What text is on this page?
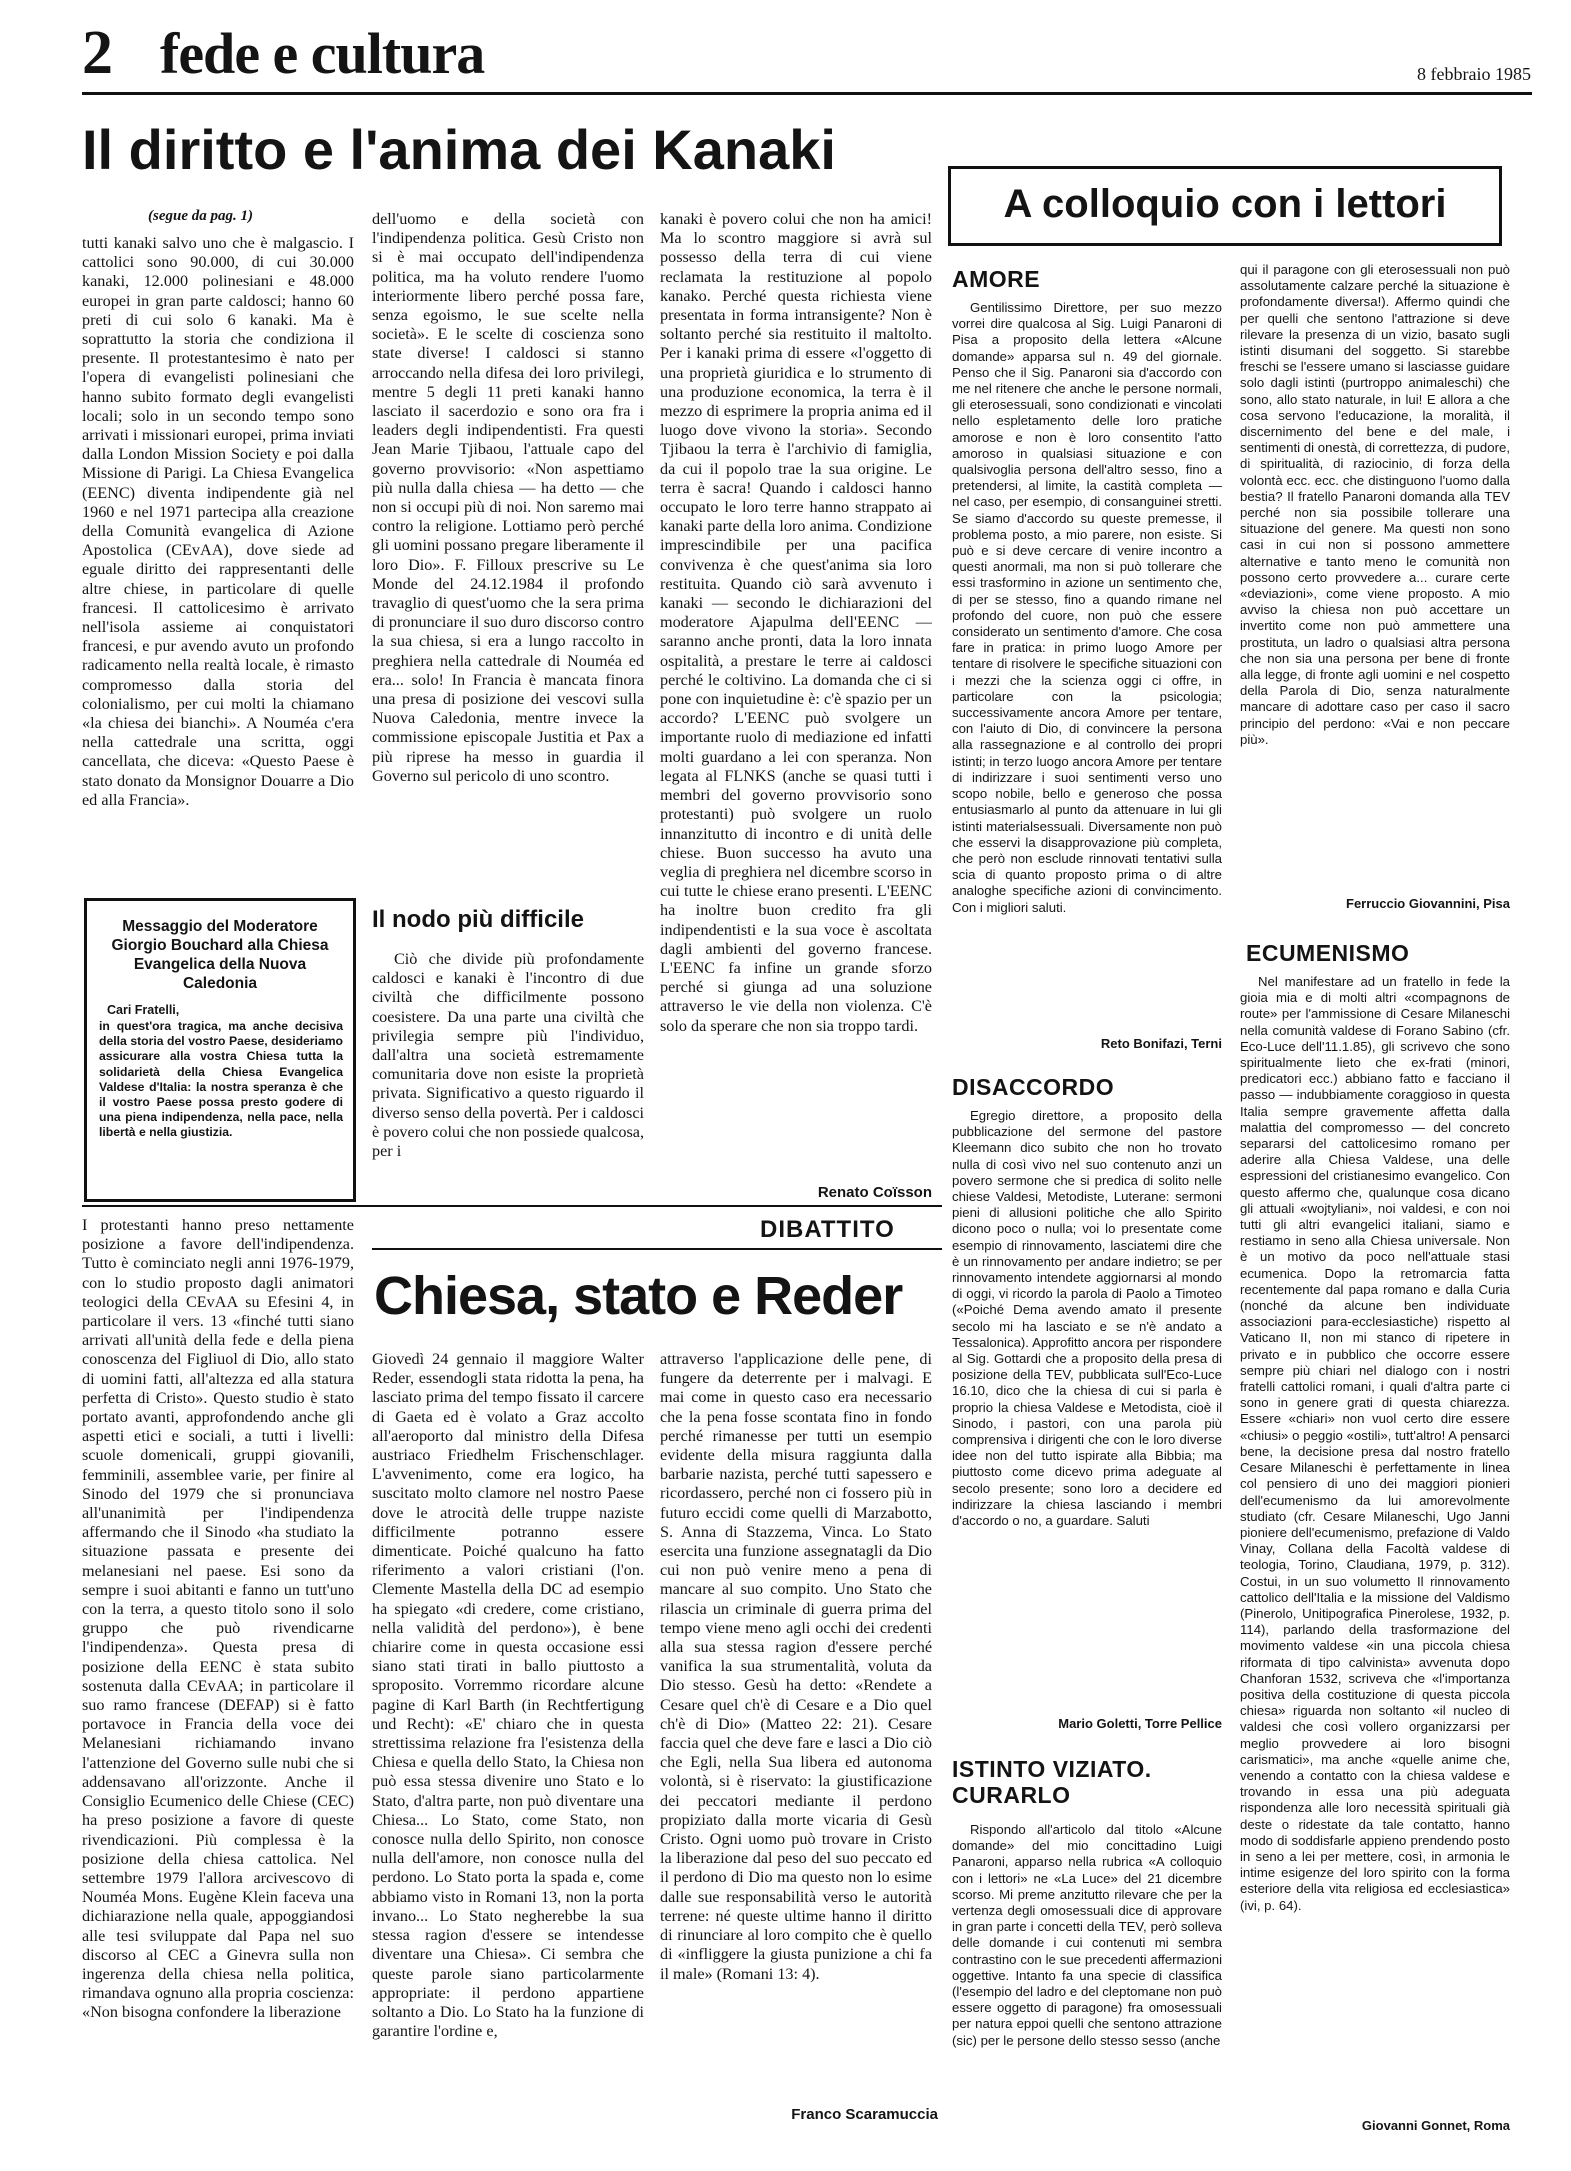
2 fede e cultura	8 febbraio 1985
Il diritto e l'anima dei Kanaki
(segue da pag. 1)

tutti kanaki salvo uno che è malgascio. I cattolici sono 90.000, di cui 30.000 kanaki, 12.000 polinesiani e 48.000 europei in gran parte caldosci; hanno 60 preti di cui solo 6 kanaki. Ma è soprattutto la storia che condiziona il presente. Il protestantesimo è nato per l'opera di evangelisti polinesiani che hanno subito formato degli evangelisti locali; solo in un secondo tempo sono arrivati i missionari europei, prima inviati dalla London Mission Society e poi dalla Missione di Parigi. La Chiesa Evangelica (EENC) diventa indipendente già nel 1960 e nel 1971 partecipa alla creazione della Comunità evangelica di Azione Apostolica (CEvAA), dove siede ad eguale diritto dei rappresentanti delle altre chiese, in particolare di quelle francesi. Il cattolicesimo è arrivato nell'isola assieme ai conquistatori francesi, e pur avendo avuto un profondo radicamento nella realtà locale, è rimasto compromesso dalla storia del colonialismo, per cui molti la chiamano «la chiesa dei bianchi». A Nouméa c'era nella cattedrale una scritta, oggi cancellata, che diceva: «Questo Paese è stato donato da Monsignor Douarre a Dio ed alla Francia».

dell'uomo e della società con l'indipendenza politica. Gesù Cristo non si è mai occupato dell'indipendenza politica, ma ha voluto rendere l'uomo interiormente libero perché possa fare, senza egoismo, le sue scelte nella società». E le scelte di coscienza sono state diverse! I caldosci si stanno arroccando nella difesa dei loro privilegi, mentre 5 degli 11 preti kanaki hanno lasciato il sacerdozio e sono ora fra i leaders degli indipendentisti. Fra questi Jean Marie Tjibaou, l'attuale capo del governo provvisorio: «Non aspettiamo più nulla dalla chiesa — ha detto — che non si occupi più di noi. Non saremo mai contro la religione. Lottiamo però perché gli uomini possano pregare liberamente il loro Dio». F. Filloux prescrive su Le Monde del 24.12.1984 il profondo travaglio di quest'uomo che la sera prima di pronunciare il suo duro discorso contro la sua chiesa, si era a lungo raccolto in preghiera nella cattedrale di Nouméa ed era... solo! In Francia è mancata finora una presa di posizione dei vescovi sulla Nuova Caledonia, mentre invece la commissione episcopale Justitia et Pax a più riprese ha messo in guardia il Governo sul pericolo di uno scontro.

kanaki è povero colui che non ha amici! Ma lo scontro maggiore si avrà sul possesso della terra di cui viene reclamata la restituzione al popolo kanako. Perché questa richiesta viene presentata in forma intransigente? Non è soltanto perché sia restituito il maltolto. Per i kanaki prima di essere «l'oggetto di una proprietà giuridica e lo strumento di una produzione economica, la terra è il mezzo di esprimere la propria anima ed il luogo dove vivono la storia». Secondo Tjibaou la terra è l'archivio di famiglia, da cui il popolo trae la sua origine. Le terra è sacra! Quando i caldosci hanno occupato le loro terre hanno strappato ai kanaki parte della loro anima. Condizione imprescindibile per una pacifica convivenza è che quest'anima sia loro restituita. Quando ciò sarà avvenuto i kanaki — secondo le dichiarazioni del moderatore Ajapulma dell'EENC — saranno anche pronti, data la loro innata ospitalità, a prestare le terre ai caldosci perché le coltivino. La domanda che ci si pone con inquietudine è: c'è spazio per un accordo? L'EENC può svolgere un importante ruolo di mediazione ed infatti molti guardano a lei con speranza. Non legata al FLNKS (anche se quasi tutti i membri del governo provvisorio sono protestanti) può svolgere un ruolo innanzitutto di incontro e di unità delle chiese. Buon successo ha avuto una veglia di preghiera nel dicembre scorso in cui tutte le chiese erano presenti. L'EENC ha inoltre buon credito fra gli indipendentisti e la sua voce è ascoltata dagli ambienti del governo francese. L'EENC fa infine un grande sforzo perché si giunga ad una soluzione attraverso le vie della non violenza. C'è solo da sperare che non sia troppo tardi.

Renato Coïsson
Il nodo più difficile

Ciò che divide più profondamente caldosci e kanaki è l'incontro di due civiltà che difficilmente possono coesistere. Da una parte una civiltà che privilegia sempre più l'individuo, dall'altra una società estremamente comunitaria dove non esiste la proprietà privata. Significativo a questo riguardo il diverso senso della povertà. Per i caldosci è povero colui che non possiede qualcosa, per i

Messaggio del Moderatore Giorgio Bouchard alla Chiesa Evangelica della Nuova Caledonia
Cari Fratelli,
in quest'ora tragica, ma anche decisiva della storia del vostro Paese, desideriamo assicurare alla vostra Chiesa tutta la solidarietà della Chiesa Evangelica Valdese d'Italia: la nostra speranza è che il vostro Paese possa presto godere di una piena indipendenza, nella pace, nella libertà e nella giustizia.

I protestanti hanno preso nettamente posizione a favore dell'indipendenza. Tutto è cominciato negli anni 1976-1979, con lo studio proposto dagli animatori teologici della CEvAA su Efesini 4, in particolare il vers. 13 «finché tutti siano arrivati all'unità della fede e della piena conoscenza del Figliuol di Dio, allo stato di uomini fatti, all'altezza ed alla statura perfetta di Cristo». Questo studio è stato portato avanti, approfondendo anche gli aspetti etici e sociali, a tutti i livelli: scuole domenicali, gruppi giovanili, femminili, assemblee varie, per finire al Sinodo del 1979 che si pronunciava all'unanimità per l'indipendenza affermando che il Sinodo «ha studiato la situazione passata e presente dei melanesiani nel paese. Esi sono da sempre i suoi abitanti e fanno un tutt'uno con la terra, a questo titolo sono il solo gruppo che può rivendicarne l'indipendenza». Questa presa di posizione della EENC è stata subito sostenuta dalla CEvAA; in particolare il suo ramo francese (DEFAP) si è fatto portavoce in Francia della voce dei Melanesiani richiamando invano l'attenzione del Governo sulle nubi che si addensavano all'orizzonte. Anche il Consiglio Ecumenico delle Chiese (CEC) ha preso posizione a favore di queste rivendicazioni. Più complessa è la posizione della chiesa cattolica. Nel settembre 1979 l'allora arcivescovo di Nouméa Mons. Eugène Klein faceva una dichiarazione nella quale, appoggiandosi alle tesi sviluppate dal Papa nel suo discorso al CEC a Ginevra sulla non ingerenza della chiesa nella politica, rimandava ognuno alla propria coscienza: «Non bisogna confondere la liberazione

DIBATTITO
Chiesa, stato e Reder

Giovedì 24 gennaio il maggiore Walter Reder, essendogli stata ridotta la pena, ha lasciato prima del tempo fissato il carcere di Gaeta ed è volato a Graz accolto all'aeroporto dal ministro della Difesa austriaco Friedhelm Frischenschlager. L'avvenimento, come era logico, ha suscitato molto clamore nel nostro Paese dove le atrocità delle truppe naziste difficilmente potranno essere dimenticate. Poiché qualcuno ha fatto riferimento a valori cristiani (l'on. Clemente Mastella della DC ad esempio ha spiegato «di credere, come cristiano, nella validità del perdono»), è bene chiarire come in questa occasione essi siano stati tirati in ballo piuttosto a sproposito. Vorremmo ricordare alcune pagine di Karl Barth (in Rechtfertigung und Recht): «E' chiaro che in questa strettissima relazione fra l'esistenza della Chiesa e quella dello Stato, la Chiesa non può essa stessa divenire uno Stato e lo Stato, d'altra parte, non può diventare una Chiesa... Lo Stato, come Stato, non conosce nulla dello Spirito, non conosce nulla dell'amore, non conosce nulla del perdono. Lo Stato porta la spada e, come abbiamo visto in Romani 13, non la porta invano... Lo Stato negherebbe la sua stessa ragion d'essere se intendesse diventare una Chiesa». Ci sembra che queste parole siano particolarmente appropriate: il perdono appartiene soltanto a Dio. Lo Stato ha la funzione di garantire l'ordine e,

attraverso l'applicazione delle pene, di fungere da deterrente per i malvagi. E mai come in questo caso era necessario che la pena fosse scontata fino in fondo perché rimanesse per tutti un esempio evidente della misura raggiunta dalla barbarie nazista, perché tutti sapessero e ricordassero, perché non ci fossero più in futuro eccidi come quelli di Marzabotto, S. Anna di Stazzema, Vinca. Lo Stato esercita una funzione assegnatagli da Dio cui non può venire meno a pena di mancare al suo compito. Uno Stato che rilascia un criminale di guerra prima del tempo viene meno agli occhi dei credenti alla sua stessa ragion d'essere perché vanifica la sua strumentalità, voluta da Dio stesso. Gesù ha detto: «Rendete a Cesare quel ch'è di Cesare e a Dio quel ch'è di Dio» (Matteo 22: 21). Cesare faccia quel che deve fare e lasci a Dio ciò che Egli, nella Sua libera ed autonoma volontà, si è riservato: la giustificazione dei peccatori mediante il perdono propiziato dalla morte vicaria di Gesù Cristo. Ogni uomo può trovare in Cristo la liberazione dal peso del suo peccato ed il perdono di Dio ma questo non lo esime dalle sue responsabilità verso le autorità terrene: né queste ultime hanno il diritto di rinunciare al loro compito che è quello di «infliggere la giusta punizione a chi fa il male» (Romani 13: 4).

Franco Scaramuccia
A colloquio con i lettori
AMORE

Gentilissimo Direttore, per suo mezzo vorrei dire qualcosa al Sig. Luigi Panaroni di Pisa a proposito della lettera «Alcune domande» apparsa sul n. 49 del giornale. Penso che il Sig. Panaroni sia d'accordo con me nel ritenere che anche le persone normali, gli eterosessuali, sono condizionati e vincolati nello espletamento delle loro pratiche amorose e non è loro consentito l'atto amoroso in qualsiasi situazione e con qualsivoglia persona dell'altro sesso, fino a pretendersi, al limite, la castità completa — nel caso, per esempio, di consanguinei stretti. Se siamo d'accordo su queste premesse, il problema posto, a mio parere, non esiste. Si può e si deve cercare di venire incontro a questi anormali, ma non si può tollerare che essi trasformino in azione un sentimento che, di per se stesso, fino a quando rimane nel profondo del cuore, non può che essere considerato un sentimento d'amore. Che cosa fare in pratica: in primo luogo Amore per tentare di risolvere le specifiche situazioni con i mezzi che la scienza oggi ci offre, in particolare con la psicologia; successivamente ancora Amore per tentare, con l'aiuto di Dio, di convincere la persona alla rassegnazione e al controllo dei propri istinti; in terzo luogo ancora Amore per tentare di indirizzare i suoi sentimenti verso uno scopo nobile, bello e generoso che possa entusiasmarlo al punto da attenuare in lui gli istinti materialsessuali. Diversamente non può che esservi la disapprovazione più completa, che però non esclude rinnovati tentativi sulla scia di quanto proposto prima o di altre analoghe specifiche azioni di convincimento. Con i migliori saluti.

Reto Bonifazi, Terni
DISACCORDO

Egregio direttore, a proposito della pubblicazione del sermone del pastore Kleemann dico subito che non ho trovato nulla di così vivo nel suo contenuto anzi un povero sermone che si predica di solito nelle chiese Valdesi, Metodiste, Luterane: sermoni pieni di allusioni politiche che allo Spirito dicono poco o nulla; voi lo presentate come esempio di rinnovamento, lasciatemi dire che è un rinnovamento per andare indietro; se per rinnovamento intendete aggiornarsi al mondo di oggi, vi ricordo la parola di Paolo a Timoteo («Poiché Dema avendo amato il presente secolo mi ha lasciato e se n'è andato a Tessalonica). Approfitto ancora per rispondere al Sig. Gottardi che a proposito della presa di posizione della TEV, pubblicata sull'Eco-Luce 16.10, dico che la chiesa di cui si parla è proprio la chiesa Valdese e Metodista, cioè il Sinodo, i pastori, con una parola più comprensiva i dirigenti che con le loro diverse idee non del tutto ispirate alla Bibbia; ma piuttosto come dicevo prima adeguate al secolo presente; sono loro a decidere ed indirizzare la chiesa lasciando i membri d'accordo o no, a guardare. Saluti

Mario Goletti, Torre Pellice
ISTINTO VIZIATO. CURARLO

Rispondo all'articolo dal titolo «Alcune domande» del mio concittadino Luigi Panaroni, apparso nella rubrica «A colloquio con i lettori» ne «La Luce» del 21 dicembre scorso. Mi preme anzitutto rilevare che per la vertenza degli omosessuali dice di approvare in gran parte i concetti della TEV, però solleva delle domande i cui contenuti mi sembra contrastino con le sue precedenti affermazioni oggettive. Intanto fa una specie di classifica (l'esempio del ladro e del cleptomane non può essere oggetto di paragone) fra omosessuali per natura eppoi quelli che sentono attrazione (sic) per le persone dello stesso sesso (anche

qui il paragone con gli eterosessuali non può assolutamente calzare perché la situazione è profondamente diversa!). Affermo quindi che per quelli che sentono l'attrazione si deve rilevare la presenza di un vizio, basato sugli istinti disumani del soggetto. Si starebbe freschi se l'essere umano si lasciasse guidare solo dagli istinti (purtroppo animaleschi) che sono, allo stato naturale, in lui! E allora a che cosa servono l'educazione, la moralità, il discernimento del bene e del male, i sentimenti di onestà, di correttezza, di pudore, di spiritualità, di raziocinio, di forza della volontà ecc. ecc. che distinguono l'uomo dalla bestia? Il fratello Panaroni domanda alla TEV perché non sia possibile tollerare una situazione del genere. Ma questi non sono casi in cui non si possono ammettere alternative e tanto meno le comunità non possono certo provvedere a... curare certe «deviazioni», come viene proposto. A mio avviso la chiesa non può accettare un invertito come non può ammettere una prostituta, un ladro o qualsiasi altra persona che non sia una persona per bene di fronte alla legge, di fronte agli uomini e nel cospetto della Parola di Dio, senza naturalmente mancare di adottare caso per caso il sacro principio del perdono: «Vai e non peccare più».

Ferruccio Giovannini, Pisa
ECUMENISMO

Nel manifestare ad un fratello in fede la gioia mia e di molti altri «compagnons de route» per l'ammissione di Cesare Milaneschi nella comunità valdese di Forano Sabino (cfr. Eco-Luce dell'11.1.85), gli scrivevo che sono spiritualmente lieto che ex-frati (minori, predicatori ecc.) abbiano fatto e facciano il passo — indubbiamente coraggioso in questa Italia sempre gravemente affetta dalla malattia del compromesso — del concreto separarsi del cattolicesimo romano per aderire alla Chiesa Valdese, una delle espressioni del cristianesimo evangelico. Con questo affermo che, qualunque cosa dicano gli attuali «wojtyliani», noi valdesi, e con noi tutti gli altri evangelici italiani, siamo e restiamo in seno alla Chiesa universale. Non è un motivo da poco nell'attuale stasi ecumenica. Dopo la retromarcia fatta recentemente dal papa romano e dalla Curia (nonché da alcune ben individuate associazioni para-ecclesiastiche) rispetto al Vaticano II, non mi stanco di ripetere in privato e in pubblico che occorre essere sempre più chiari nel dialogo con i nostri fratelli cattolici romani, i quali d'altra parte ci sono in genere grati di questa chiarezza. Essere «chiari» non vuol certo dire essere «chiusi» o peggio «ostili», tutt'altro! A pensarci bene, la decisione presa dal nostro fratello Cesare Milaneschi è perfettamente in linea col pensiero di uno dei maggiori pionieri dell'ecumenismo da lui amorevolmente studiato (cfr. Cesare Milaneschi, Ugo Janni pioniere dell'ecumenismo, prefazione di Valdo Vinay, Collana della Facoltà valdese di teologia, Torino, Claudiana, 1979, p. 312). Costui, in un suo volumetto Il rinnovamento cattolico dell'Italia e la missione del Valdismo (Pinerolo, Unitipografica Pinerolese, 1932, p. 114), parlando della trasformazione del movimento valdese «in una piccola chiesa riformata di tipo calvinista» avvenuta dopo Chanforan 1532, scriveva che «l'importanza positiva della costituzione di questa piccola chiesa» riguarda non soltanto «il nucleo di valdesi che così vollero organizzarsi per meglio provvedere ai loro bisogni carismatici», ma anche «quelle anime che, venendo a contatto con la chiesa valdese e trovando in essa una più adeguata rispondenza alle loro necessità spirituali già deste o ridestate da tale contatto, hanno modo di soddisfarle appieno prendendo posto in seno a lei per mettere, così, in armonia le intime esigenze del loro spirito con la forma esteriore della vita religiosa ed ecclesiastica» (ivi, p. 64).

Giovanni Gonnet, Roma
